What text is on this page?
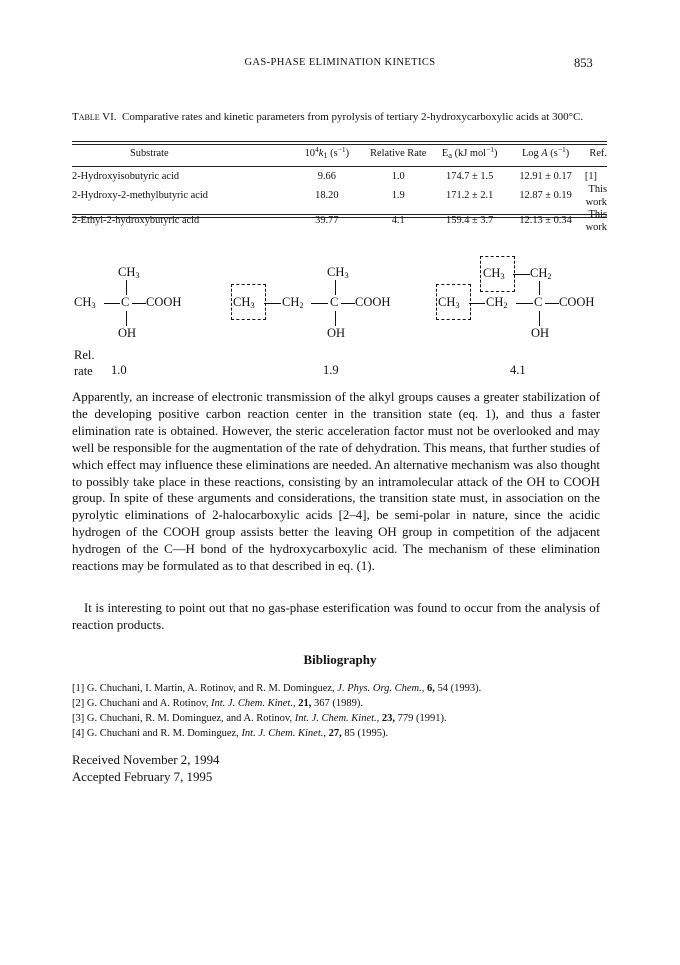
GAS-PHASE ELIMINATION KINETICS	853
Table VI. Comparative rates and kinetic parameters from pyrolysis of tertiary 2-hydroxycarboxylic acids at 300°C.
Substrate	$10^4k_1$ $(s^{-1})$	Relative Rate	$E_a$ (kJ mol$^{-1}$)	Log A $(s^{-1})$	Ref.
2-Hydroxyisobutyric acid	9.66	1.0	174.7 ± 1.5	12.91 ± 0.17	[1]
2-Hydroxy-2-methylbutyric acid	18.20	1.9	171.2 ± 2.1	12.87 ± 0.19	This work
2-Ethyl-2-hydroxybutyric acid	39.77	4.1	159.4 ± 3.7	12.13 ± 0.34	This work
$CH_3$
$CH_3$ C COOH
OH
$CH_3$
$CH_3$ $CH_2$ C COOH
OH
$CH_3$ $CH_2$
$CH_3$ $CH_2$ C COOH
OH
Rel.
rate 1.0	1.9	4.1
Apparently, an increase of electronic transmission of the alkyl groups causes a greater stabilization of the developing positive carbon reaction center in the transition state (eq. 1), and thus a faster elimination rate is obtained. However, the steric acceleration factor must not be overlooked and may well be responsible for the augmentation of the rate of dehydration. This means, that further studies of which effect may influence these eliminations are needed. An alternative mechanism was also thought to possibly take place in these reactions, consisting by an intramolecular attack of the OH to COOH group. In spite of these arguments and considerations, the transition state must, in association on the pyrolytic eliminations of 2-halocarboxylic acids [2–4], be semi-polar in nature, since the acidic hydrogen of the COOH group assists better the leaving OH group in competition of the adjacent hydrogen of the C—H bond of the hydroxycarboxylic acid. The mechanism of these elimination reactions may be formulated as to that described in eq. (1).
It is interesting to point out that no gas-phase esterification was found to occur from the analysis of reaction products.
Bibliography
[1] G. Chuchani, I. Martin, A. Rotinov, and R. M. Dominguez, J. Phys. Org. Chem., 6, 54 (1993).
[2] G. Chuchani and A. Rotinov, Int. J. Chem. Kinet., 21, 367 (1989).
[3] G. Chuchani, R. M. Dominguez, and A. Rotinov, Int. J. Chem. Kinet., 23, 779 (1991).
[4] G. Chuchani and R. M. Dominguez, Int. J. Chem. Kinet., 27, 85 (1995).
Received November 2, 1994
Accepted February 7, 1995
